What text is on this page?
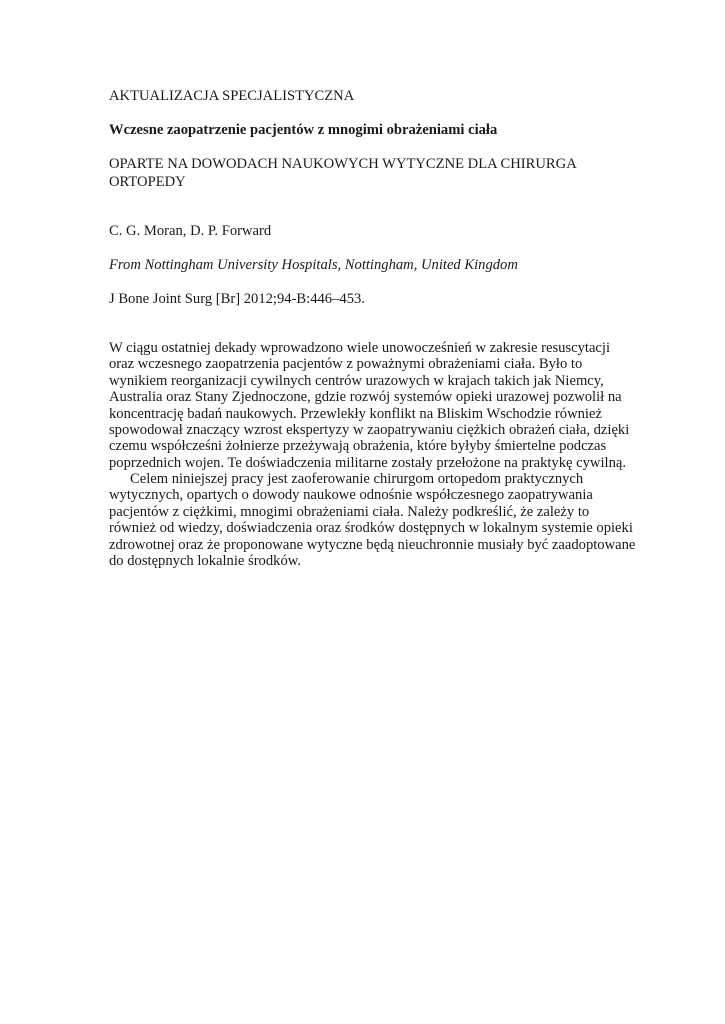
AKTUALIZACJA SPECJALISTYCZNA

Wczesne zaopatrzenie pacjentów z mnogimi obrażeniami ciała

OPARTE NA DOWODACH NAUKOWYCH WYTYCZNE DLA CHIRURGA

ORTOPEDY

C. G. Moran, D. P. Forward

From Nottingham University Hospitals, Nottingham, United Kingdom

J Bone Joint Surg [Br] 2012;94-B:446–453.

W ciągu ostatniej dekady wprowadzono wiele unowocześnień w zakresie resuscytacji
oraz wczesnego zaopatrzenia pacjentów z poważnymi obrażeniami ciała. Było to
wynikiem reorganizacji cywilnych centrów urazowych w krajach takich jak Niemcy,
Australia oraz Stany Zjednoczone, gdzie rozwój systemów opieki urazowej pozwolił na
koncentrację badań naukowych. Przewlekły konflikt na Bliskim Wschodzie również
spowodował znaczący wzrost ekspertyzy w zaopatrywaniu ciężkich obrażeń ciała, dzięki
czemu współcześni żołnierze przeżywają obrażenia, które byłyby śmiertelne podczas
poprzednich wojen. Te doświadczenia militarne zostały przełożone na praktykę cywilną.
Celem niniejszej pracy jest zaoferowanie chirurgom ortopedom praktycznych
wytycznych, opartych o dowody naukowe odnośnie współczesnego zaopatrywania
pacjentów z ciężkimi, mnogimi obrażeniami ciała. Należy podkreślić, że zależy to
również od wiedzy, doświadczenia oraz środków dostępnych w lokalnym systemie opieki
zdrowotnej oraz że proponowane wytyczne będą nieuchronnie musiały być zaadoptowane
do dostępnych lokalnie środków.
